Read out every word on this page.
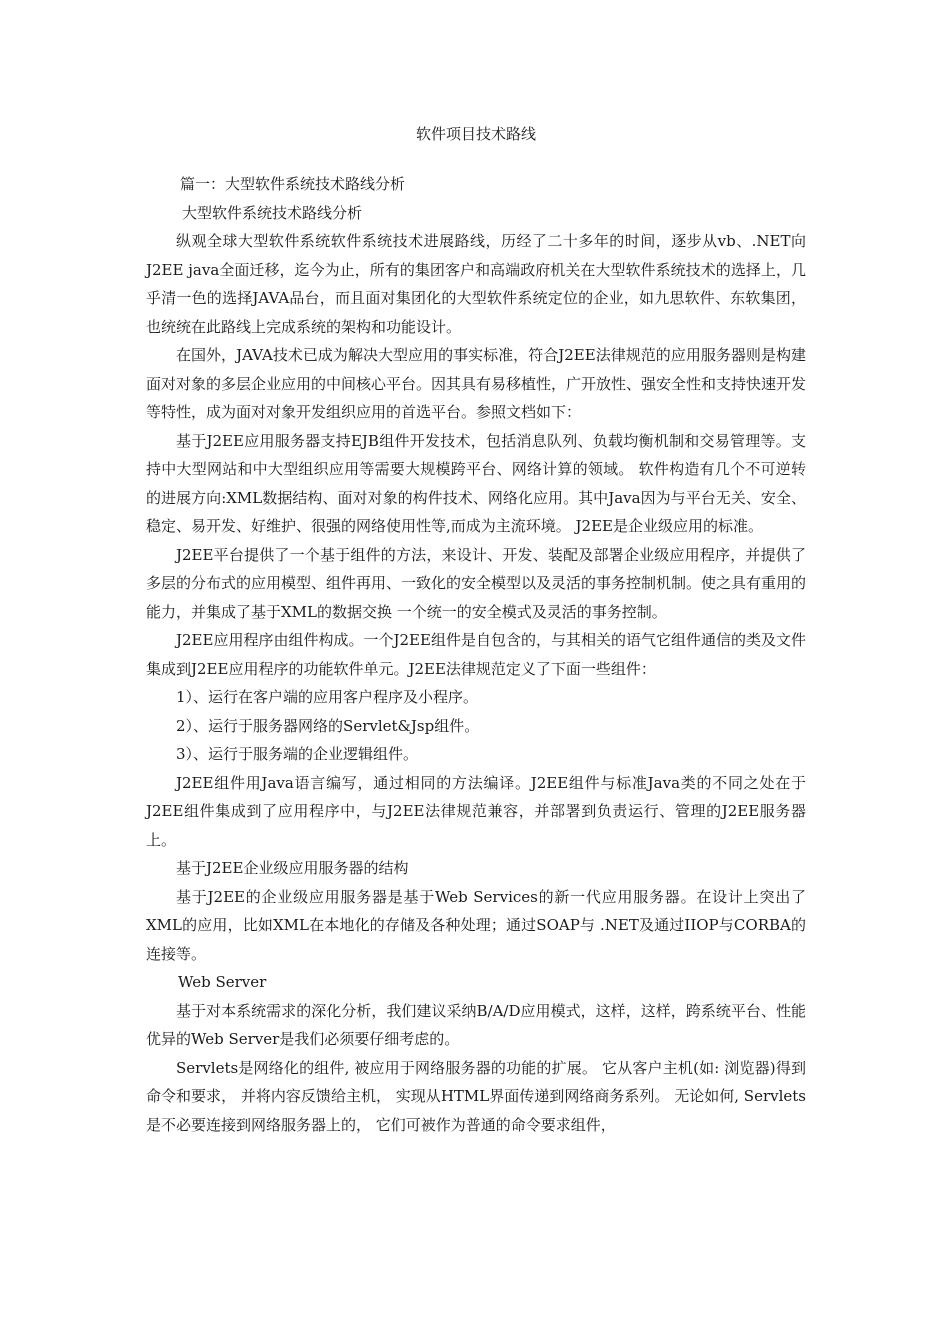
软件项目技术路线

篇一：大型软件系统技术路线分析

大型软件系统技术路线分析

纵观全球大型软件系统软件系统技术进展路线，历经了二十多年的时间，逐步从vb、.NET向J2EE java全面迁移，迄今为止，所有的集团客户和高端政府机关在大型软件系统技术的选择上，几乎清一色的选择JAVA品台，而且面对集团化的大型软件系统定位的企业，如九思软件、东软集团，也统统在此路线上完成系统的架构和功能设计。

在国外，JAVA技术已成为解决大型应用的事实标准，符合J2EE法律规范的应用服务器则是构建面对对象的多层企业应用的中间核心平台。因其具有易移植性，广开放性、强安全性和支持快速开发等特性，成为面对对象开发组织应用的首选平台。参照文档如下：

基于J2EE应用服务器支持EJB组件开发技术，包括消息队列、负载均衡机制和交易管理等。支持中大型网站和中大型组织应用等需要大规模跨平台、网络计算的领域。 软件构造有几个不可逆转的进展方向:XML数据结构、面对对象的构件技术、网络化应用。其中Java因为与平台无关、安全、稳定、易开发、好维护、很强的网络使用性等,而成为主流环境。 J2EE是企业级应用的标准。

J2EE平台提供了一个基于组件的方法，来设计、开发、装配及部署企业级应用程序，并提供了多层的分布式的应用模型、组件再用、一致化的安全模型以及灵活的事务控制机制。使之具有重用的能力，并集成了基于XML的数据交换 一个统一的安全模式及灵活的事务控制。

J2EE应用程序由组件构成。一个J2EE组件是自包含的，与其相关的语气它组件通信的类及文件集成到J2EE应用程序的功能软件单元。J2EE法律规范定义了下面一些组件：

1）、运行在客户端的应用客户程序及小程序。

2）、运行于服务器网络的Servlet&Jsp组件。

3）、运行于服务端的企业逻辑组件。

J2EE组件用Java语言编写，通过相同的方法编译。J2EE组件与标准Java类的不同之处在于J2EE组件集成到了应用程序中，与J2EE法律规范兼容，并部署到负责运行、管理的J2EE服务器上。

基于J2EE企业级应用服务器的结构

基于J2EE的企业级应用服务器是基于Web Services的新一代应用服务器。在设计上突出了XML的应用，比如XML在本地化的存储及各种处理；通过SOAP与 .NET及通过IIOP与CORBA的连接等。

Web Server

基于对本系统需求的深化分析，我们建议采纳B/A/D应用模式，这样，这样，跨系统平台、性能优异的Web Server是我们必须要仔细考虑的。

Servlets是网络化的组件, 被应用于网络服务器的功能的扩展。 它从客户主机(如: 浏览器)得到命令和要求， 并将内容反馈给主机， 实现从HTML界面传递到网络商务系列。 无论如何, Servlets是不必要连接到网络服务器上的， 它们可被作为普通的命令要求组件，
